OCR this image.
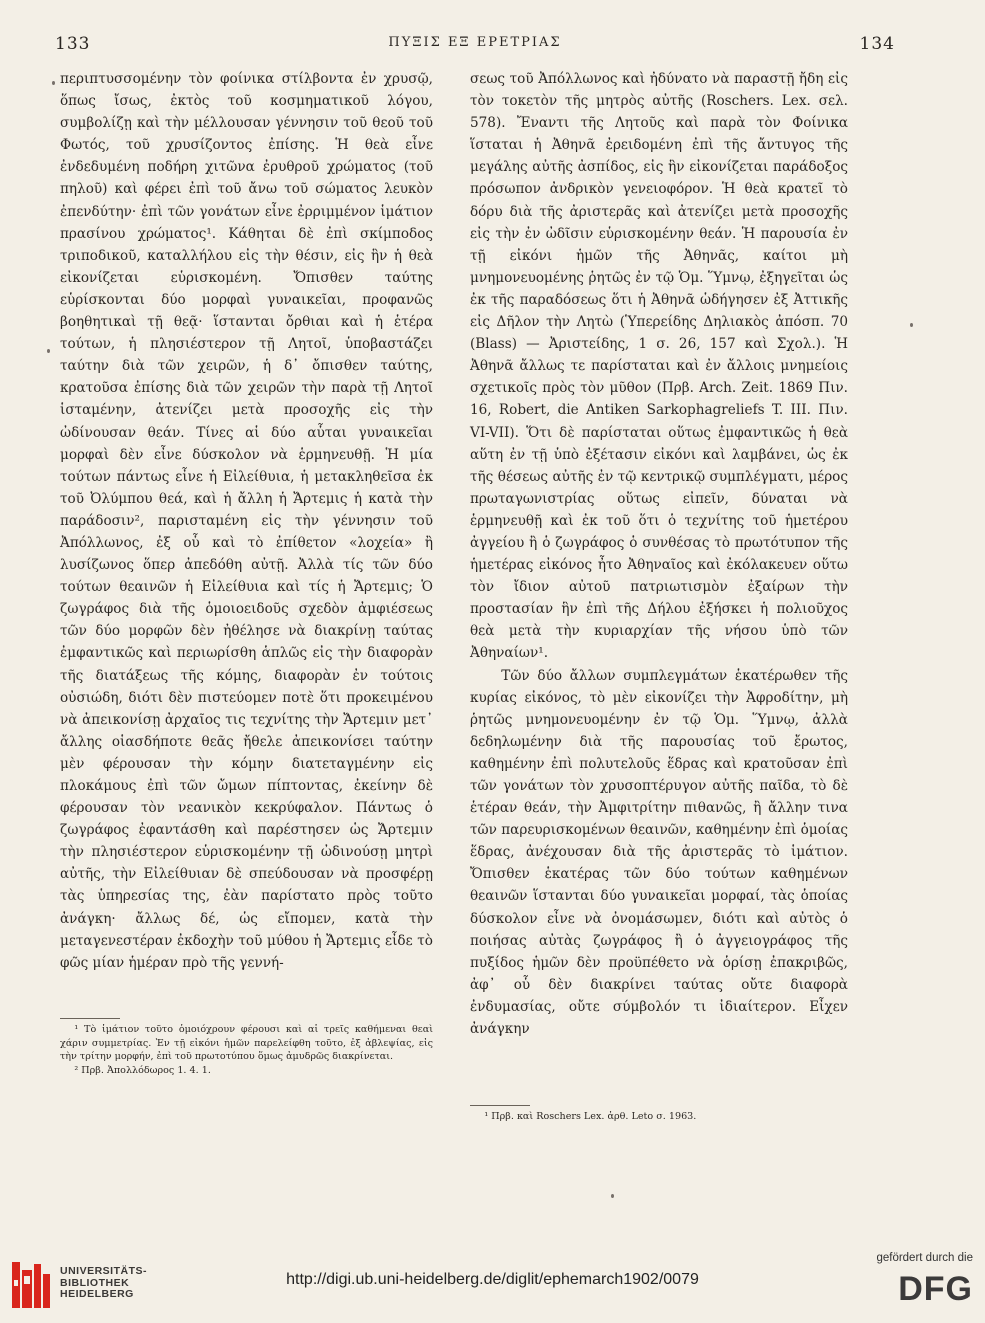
133	ΠΥΞΙΣ ΕΞ ΕΡΕΤΡΙΑΣ	134

περιπτυσσομένην τὸν φοίνικα στίλβοντα ἐν χρυσῷ, ὅπως ἴσως, ἐκτὸς τοῦ κοσμηματικοῦ λόγου, συμβολίζῃ καὶ τὴν μέλλουσαν γέννησιν τοῦ θεοῦ τοῦ Φωτός, τοῦ χρυσίζοντος ἐπίσης. Ἡ θεὰ εἶνε ἐνδεδυμένη ποδήρη χιτῶνα ἐρυθροῦ χρώματος (τοῦ πηλοῦ) καὶ φέρει ἐπὶ τοῦ ἄνω τοῦ σώματος λευκὸν ἐπενδύτην· ἐπὶ τῶν γονάτων εἶνε ἐρριμμένον ἱμάτιον πρασίνου χρώματος¹. Κάθηται δὲ ἐπὶ σκίμποδος τριποδικοῦ, καταλλήλου εἰς τὴν θέσιν, εἰς ἣν ἡ θεὰ εἰκονίζεται εὑρισκομένη. Ὄπισθεν ταύτης εὑρίσκονται δύο μορφαὶ γυναικεῖαι, προφανῶς βοηθητικαὶ τῇ θεᾷ· ἵστανται ὄρθιαι καὶ ἡ ἑτέρα τούτων, ἡ πλησιέστερον τῇ Λητοῖ, ὑποβαστάζει ταύτην διὰ τῶν χειρῶν, ἡ δ᾽ ὄπισθεν ταύτης, κρατοῦσα ἐπίσης διὰ τῶν χειρῶν τὴν παρὰ τῇ Λητοῖ ἱσταμένην, ἀτενίζει μετὰ προσοχῆς εἰς τὴν ὠδίνουσαν θεάν. Τίνες αἱ δύο αὗται γυναικεῖαι μορφαὶ δὲν εἶνε δύσκολον νὰ ἑρμηνευθῇ. Ἡ μία τούτων πάντως εἶνε ἡ Εἰλείθυια, ἡ μετακληθεῖσα ἐκ τοῦ Ὀλύμπου θεά, καὶ ἡ ἄλλη ἡ Ἄρτεμις ἡ κατὰ τὴν παράδοσιν², παρισταμένη εἰς τὴν γέννησιν τοῦ Ἀπόλλωνος, ἐξ οὗ καὶ τὸ ἐπίθετον «λοχεία» ἢ λυσίζωνος ὅπερ ἀπεδόθη αὐτῇ. Ἀλλὰ τίς τῶν δύο τούτων θεαινῶν ἡ Εἰλείθυια καὶ τίς ἡ Ἄρτεμις; Ὁ ζωγράφος διὰ τῆς ὁμοιοειδοῦς σχεδὸν ἀμφιέσεως τῶν δύο μορφῶν δὲν ἠθέλησε νὰ διακρίνῃ ταύτας ἐμφαντικῶς καὶ περιωρίσθη ἁπλῶς εἰς τὴν διαφορὰν τῆς διατάξεως τῆς κόμης, διαφορὰν ἐν τούτοις οὐσιώδη, διότι δὲν πιστεύομεν ποτὲ ὅτι προκειμένου νὰ ἀπεικονίσῃ ἀρχαῖος τις τεχνίτης τὴν Ἄρτεμιν μετ᾽ ἄλλης οἱασδήποτε θεᾶς ἤθελε ἀπεικονίσει ταύτην μὲν φέρουσαν τὴν κόμην διατεταγμένην εἰς πλοκάμους ἐπὶ τῶν ὤμων πίπτοντας, ἐκείνην δὲ φέρουσαν τὸν νεανικὸν κεκρύφαλον. Πάντως ὁ ζωγράφος ἐφαντάσθη καὶ παρέστησεν ὡς Ἄρτεμιν τὴν πλησιέστερον εὑρισκομένην τῇ ὠδινούσῃ μητρὶ αὐτῆς, τὴν Εἰλείθυιαν δὲ σπεύδουσαν νὰ προσφέρῃ τὰς ὑπηρεσίας της, ἐὰν παρίστατο πρὸς τοῦτο ἀνάγκη· ἄλλως δέ, ὡς εἴπομεν, κατὰ τὴν μεταγενεστέραν ἐκδοχὴν τοῦ μύθου ἡ Ἄρτεμις εἶδε τὸ φῶς μίαν ἡμέραν πρὸ τῆς γεννή-

¹ Τὸ ἱμάτιον τοῦτο ὁμοιόχρουν φέρουσι καὶ αἱ τρεῖς καθήμεναι θεαὶ χάριν συμμετρίας. Ἐν τῇ εἰκόνι ἡμῶν παρελείφθη τοῦτο, ἐξ ἀβλεψίας, εἰς τὴν τρίτην μορφήν, ἐπὶ τοῦ πρωτοτύπου ὅμως ἀμυδρῶς διακρίνεται.

² Πρβ. Ἀπολλόδωρος 1. 4. 1.

σεως τοῦ Ἀπόλλωνος καὶ ἠδύνατο νὰ παραστῇ ἤδη εἰς τὸν τοκετὸν τῆς μητρὸς αὐτῆς (Roschers. Lex. σελ. 578). Ἔναντι τῆς Λητοῦς καὶ παρὰ τὸν Φοίνικα ἵσταται ἡ Ἀθηνᾶ ἐρειδομένη ἐπὶ τῆς ἄντυγος τῆς μεγάλης αὐτῆς ἀσπίδος, εἰς ἣν εἰκονίζεται παράδοξος πρόσωπον ἀνδρικὸν γενειοφόρον. Ἡ θεὰ κρατεῖ τὸ δόρυ διὰ τῆς ἀριστερᾶς καὶ ἀτενίζει μετὰ προσοχῆς εἰς τὴν ἐν ὠδῖσιν εὑρισκομένην θεάν. Ἡ παρουσία ἐν τῇ εἰκόνι ἡμῶν τῆς Ἀθηνᾶς, καίτοι μὴ μνημονευομένης ῥητῶς ἐν τῷ Ὁμ. Ὕμνῳ, ἐξηγεῖται ὡς ἐκ τῆς παραδόσεως ὅτι ἡ Ἀθηνᾶ ὡδήγησεν ἐξ Ἀττικῆς εἰς Δῆλον τὴν Λητὼ (Ὑπερείδης Δηλιακὸς ἀπόσπ. 70 (Blass) — Ἀριστείδης, 1 σ. 26, 157 καὶ Σχολ.). Ἡ Ἀθηνᾶ ἄλλως τε παρίσταται καὶ ἐν ἄλλοις μνημείοις σχετικοῖς πρὸς τὸν μῦθον (Πρβ. Arch. Zeit. 1869 Πιν. 16, Robert, die Antiken Sarkophagreliefs T. III. Πιν. VI-VII). Ὅτι δὲ παρίσταται οὕτως ἐμφαντικῶς ἡ θεὰ αὕτη ἐν τῇ ὑπὸ ἐξέτασιν εἰκόνι καὶ λαμβάνει, ὡς ἐκ τῆς θέσεως αὐτῆς ἐν τῷ κεντρικῷ συμπλέγματι, μέρος πρωταγωνιστρίας οὕτως εἰπεῖν, δύναται νὰ ἑρμηνευθῇ καὶ ἐκ τοῦ ὅτι ὁ τεχνίτης τοῦ ἡμετέρου ἀγγείου ἢ ὁ ζωγράφος ὁ συνθέσας τὸ πρωτότυπον τῆς ἡμετέρας εἰκόνος ἦτο Ἀθηναῖος καὶ ἐκόλακευεν οὕτω τὸν ἴδιον αὐτοῦ πατριωτισμὸν ἐξαίρων τὴν προστασίαν ἣν ἐπὶ τῆς Δήλου ἐξήσκει ἡ πολιοῦχος θεὰ μετὰ τὴν κυριαρχίαν τῆς νήσου ὑπὸ τῶν Ἀθηναίων¹.

Τῶν δύο ἄλλων συμπλεγμάτων ἑκατέρωθεν τῆς κυρίας εἰκόνος, τὸ μὲν εἰκονίζει τὴν Ἀφροδίτην, μὴ ῥητῶς μνημονευομένην ἐν τῷ Ὁμ. Ὕμνῳ, ἀλλὰ δεδηλωμένην διὰ τῆς παρουσίας τοῦ ἔρωτος, καθημένην ἐπὶ πολυτελοῦς ἕδρας καὶ κρατοῦσαν ἐπὶ τῶν γονάτων τὸν χρυσοπτέρυγον αὐτῆς παῖδα, τὸ δὲ ἑτέραν θεάν, τὴν Ἀμφιτρίτην πιθανῶς, ἢ ἄλλην τινα τῶν παρευρισκομένων θεαινῶν, καθημένην ἐπὶ ὁμοίας ἕδρας, ἀνέχουσαν διὰ τῆς ἀριστερᾶς τὸ ἱμάτιον. Ὄπισθεν ἑκατέρας τῶν δύο τούτων καθημένων θεαινῶν ἵστανται δύο γυναικεῖαι μορφαί, τὰς ὁποίας δύσκολον εἶνε νὰ ὀνομάσωμεν, διότι καὶ αὐτὸς ὁ ποιήσας αὐτὰς ζωγράφος ἢ ὁ ἀγγειογράφος τῆς πυξίδος ἡμῶν δὲν προϋπέθετο νὰ ὁρίσῃ ἐπακριβῶς, ἀφ᾽ οὗ δὲν διακρίνει ταύτας οὔτε διαφορὰ ἐνδυμασίας, οὔτε σύμβολόν τι ἰδιαίτερον. Εἶχεν ἀνάγκην

¹ Πρβ. καὶ Roschers Lex. ἀρθ. Leto σ. 1963.

UNIVERSITÄTS-
BIBLIOTHEK
HEIDELBERG
http://digi.ub.uni-heidelberg.de/diglit/ephemarch1902/0079
gefördert durch die
DFG
